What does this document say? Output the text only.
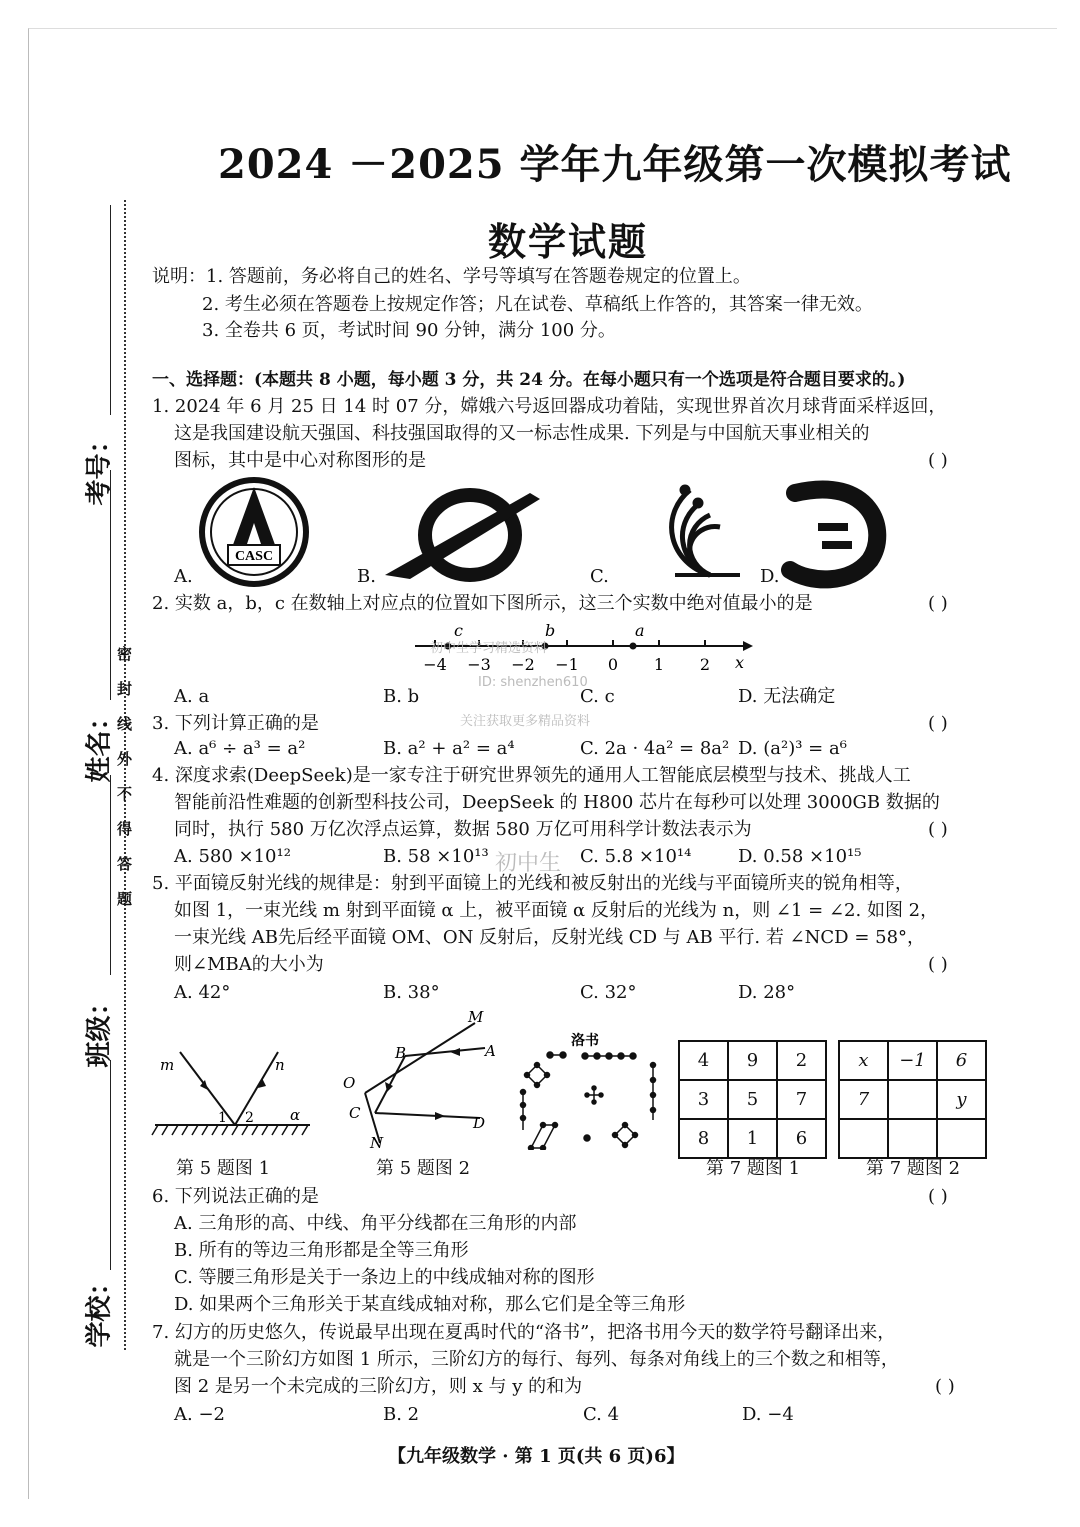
考号：
姓名：
班级：
学校：
密
封
线
外
不
得
答
题
2024 －2025 学年九年级第一次模拟考试
数学试题
说明：1. 答题前，务必将自己的姓名、学号等填写在答题卷规定的位置上。
2. 考生必须在答题卷上按规定作答；凡在试卷、草稿纸上作答的，其答案一律无效。
3. 全卷共 6 页，考试时间 90 分钟，满分 100 分。
一、选择题：(本题共 8 小题，每小题 3 分，共 24 分。在每小题只有一个选项是符合题目要求的。)
1. 2024 年 6 月 25 日 14 时 07 分，嫦娥六号返回器成功着陆，实现世界首次月球背面采样返回，
这是我国建设航天强国、科技强国取得的又一标志性成果. 下列是与中国航天事业相关的
图标，其中是中心对称图形的是	( )
CASC
A.	B.	C.	D.
2. 实数 a，b，c 在数轴上对应点的位置如下图所示，这三个实数中绝对值最小的是	( )
c	b	a
x
−4 −3 −2 −1 0 1 2
初中生学习精选资料
ID: shenzhen610
关注获取更多精品资料
A. a	B. b	C. c	D. 无法确定
3. 下列计算正确的是	( )
A. a⁶ ÷ a³ = a²	B. a² + a² = a⁴	C. 2a · 4a² = 8a² D. (a²)³ = a⁶
4. 深度求索(DeepSeek)是一家专注于研究世界领先的通用人工智能底层模型与技术、挑战人工
智能前沿性难题的创新型科技公司，DeepSeek 的 H800 芯片在每秒可以处理 3000GB 数据的
同时，执行 580 万亿次浮点运算，数据 580 万亿可用科学计数法表示为	( )
初中生
A. 580 ×10¹²	B. 58 ×10¹³	C. 5.8 ×10¹⁴	D. 0.58 ×10¹⁵
5. 平面镜反射光线的规律是：射到平面镜上的光线和被反射出的光线与平面镜所夹的锐角相等，
如图 1，一束光线 m 射到平面镜 α 上，被平面镜 α 反射后的光线为 n，则 ∠1 = ∠2. 如图 2，
一束光线 AB先后经平面镜 OM、ON 反射后，反射光线 CD 与 AB 平行. 若 ∠NCD = 58°，
则∠MBA的大小为	( )
A. 42°	B. 38°	C. 32°	D. 28°
m	n
α
1 2
第 5 题图 1
M
A
B
O
C
D
N
第 5 题图 2
洛书
4	9	2
3	5	7
8	1	6
第 7 题图 1
x	−1	6
7		y

第 7 题图 2
6. 下列说法正确的是	( )
A. 三角形的高、中线、角平分线都在三角形的内部
B. 所有的等边三角形都是全等三角形
C. 等腰三角形是关于一条边上的中线成轴对称的图形
D. 如果两个三角形关于某直线成轴对称，那么它们是全等三角形
7. 幻方的历史悠久，传说最早出现在夏禹时代的“洛书”，把洛书用今天的数学符号翻译出来，
就是一个三阶幻方如图 1 所示，三阶幻方的每行、每列、每条对角线上的三个数之和相等，
图 2 是另一个未完成的三阶幻方，则 x 与 y 的和为	( )
A. −2	B. 2	C. 4	D. −4
【九年级数学 · 第 1 页(共 6 页)6】
